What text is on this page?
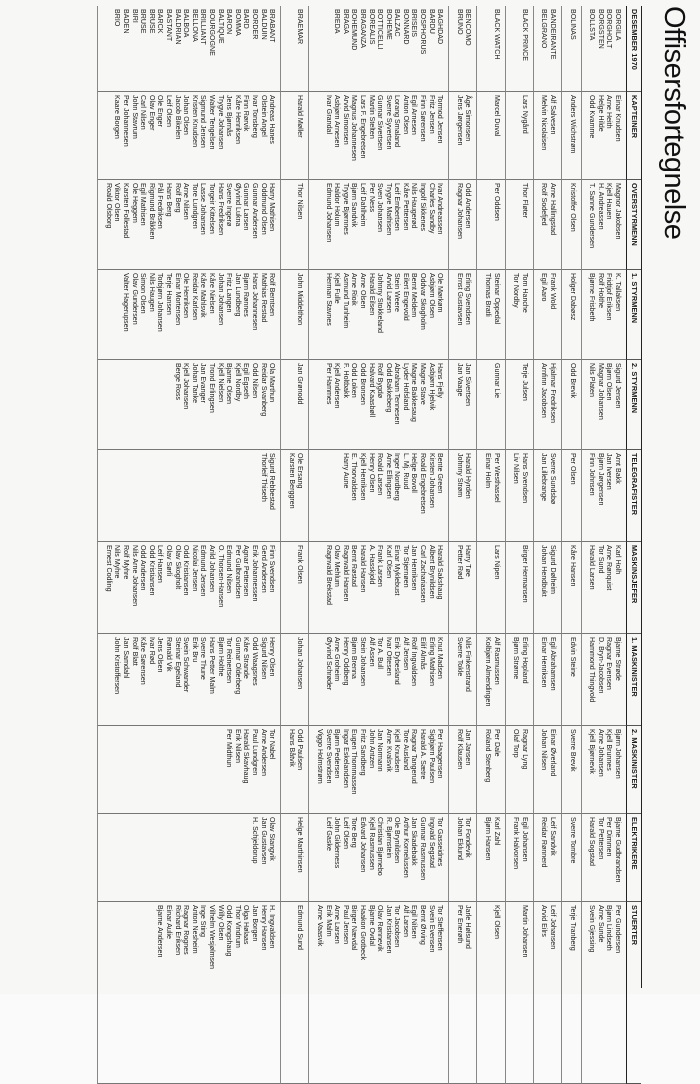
Offisersfortegnelse
DESEMBER 1970
KAPTEINER
OVERSTYRMENN
1. STYRMENN
2. STYRMENN
TELEGRAFISTER
MASKINSJEFER
1. MASKINISTER
2. MASKINISTER
ELEKTRIKERE
STUERTER
BORGILA
BORGHOLT
BORGSTEN
BOLLSTA
Einar Knudsen
Arne Heith
Helge Hilde
Odd Kvamme
Magnor Jakobsen
Kjell Hauen
H. Andreassen
T. Sanne Gundersen
K. Tallaksen
Fridtjof Eriksen
Rolf Holthe
Bjørne Frisbeth
Sigurd Jensen
Bjørn Olsen
Magnar Johansen
Nils Platen
Arnt Bakk
Jan Iversen
Bjørn Jørgensen
Finn Johnsen
Karl Holh
Arne Rønquist
Tor Sund
Harald Larsen
Bjarne Strøde
Ragnar Evensen
D. Bryn-Jacobsen
Hammond Thingvold
Bjørn Johansen
Kjell Brunnes
Arne Johansen
Kjell Bjørnevik
Bjarne Gudbrandsen
Per Dimmen
Tor Pettersen
Harald Sogstad
Per Gundersen
Bjørn Lindseth
Arne Sunde
Svein Gjessing
BOLINAS
Anders Wichstrøm
Kristoffer Olsen
Holger Dabøsz
Odd Brevik
Per Olsen
Kåre Hansen
Edvin Steine
Sverre Brevik
Sverre Tombre
Terje Tranberg
BANDEIRANTE
BELGRANO
Alf Salvesen
Melvin Nicolaisen
Arne Hallingstad
Rolf Sodefjed
Frank Wold
Egil Aaro
Hjalmar Fredriksen
Arnfinn Jacobsen
Sverre Sundsbø
Jan Lillebrange
Sigurd Dølheim
Johan Hendbukt
Egil Abrahamsen
Einar Henriksen
Einar Øverland
Johan Nilsen
Leif Sandvik
Reidar Rønnerd
Leif Johansen
Arvid Eilrs
BLACK PRINCE
Lars Nygård
Thor Fløter
Tom Hanche
Tor Nordby
Terje Julsen
Hans Svendsen
Liv Nilsen
Birger Hermansen
Erling Hopland
Bjørn Strøme
Ragnar Lyng
Olaf Torp
Egil Johansen
Frank Halvorsen
Martin Johansen
BLACK WATCH
Marcel Duval
Per Oddsen
Steinar Oppedal
Thomas Bratli
Gunnar Lie
Per Westhassel
Einar Holm
Lars Nipen
Alf Rasmussen
Kolbjørn Almendingen
Per Dale
Roland Stenberg
Karl Zahl
Bjørn Hansen
Kjell Olsen
BENCOMO
BRUNO
Åge Simonsen
Jens Jørgensen
Odd Andersen
Ragnar Johansen
Erling Svendsen
Ernst Gustavsen
Jan Sivertsen
Jan Vaage
Harald Hyrden
Johnny Strøm
Harry Tøe
Petter Rød
Nils Finkenstrand
Sverre Tokle
Jan Jansen
Rolf Klausen
Tor Fondevik
Johan Eklund
Jarle Hølsund
Per Enerøth
BAGHDAD
BARDU
BOSPHORUS
BRISEIS
BONNARD
BALZAC
BOHEME
BOTTICELLI
BOREALIS
BRAGANZA
BOHEMUND
BRAGA
BREDA
Tormod Jensen
Fritz Jensen
Finn Sørensen
Egil Arnesen
Anton Olsen
Lorang Smaland
Sverre Syvertsen
Gunnar Sivertsen
Martin Stelten
Lars F. Engebretsen
Magnus Johannesen
Arvid Simonsen
Asbjørn Arnesen
Ivar Grandal
Ivar Andreassen
Charles Sandby
Ingolf Sikkenes
Nils Haugerød
Kåre Pettersen
Leif Embertsen
Trygve Mathisen
Sven Johansen
Per Ness
Leif Dahlheim
Bjørn Sandvik
Trygve Bjørnnes
Haldor Holum
Edmund Johansen
Ole Mørkøm
Asbjørn Olsen
Oddvar Skogholm
Bernt Meldem
Eilert Engevold
Stein Weere
Arvid Larsen
Johnny Stokkeland
Harald Eilsen
Arne Olsen
Arne Rioik
Asmund Tunheim
Kjell Fulle
Herman Stavnes
Hans Fjelly
Asbjørn Hjelvik
Magne Stave
Magne Bakkesaug
Lyder Hofsland
Abraham Tennesen
Odd Bakkeberg
Rolf Bygdø
Halvard Kaasbøll
Odd Bronsen
Odd Loken
F. Holtbakk
Kjell Andersen
Per Hammes
Bente Green
Kirsten Johansen
Roald Engebretsen
Helge Bovoll
L. Mj. Ruud
Inger Nordberg
Arne Ellingsen
Roald Larsen
Henry Olsen
Kjell Henriksen
E. Thorvaldsen
Harry Aune
Harald Sakshaug
Albert Brynildsen
Carl Zachariassen
Jan Henriksen
Tor Stjernøen
Einar Myklebust
Karl Olsen
Frank Larsen
A. Hasskjold
Harald Hansen
Bernt Røstad
Ragnvald Hansen
Olav Mehlum
Ragnvald Brekstad
Knut Madsen
Erling Mathisen
Eilif Almås
Rolf Ingvaldsen
Alf Jensen
Erik Dybesland
Ivar Ottesen
Tor A. Bull
Alf Assen
Stein Johansen
Bjørn Brenna
Henry Oddberg
Arne Groheim
Øyvind Schrøder
Per Haagensen
Sigbjørn Paulsen
Harald A. Sætre
Ragnar Tangerud
Tore Ausland
Kjell Knudsen
Arne Kvalsvik
Jan Normann
John Antzen
Fritz Sandberg
Eugen Thommassen
Ingar Eskelandsen
Bjørn Pedersen
Sverre Svendsen
Viggo Holmstrøm
Tor Gasseidnes
Ingvald Segstad
Gunnar Rasmussen
Jan Skadebakk
Arthur Kornelussen
Ole Brynildsen
R. Bjørnstein
Christian Bjørnebo
Kjell Rasmussen
Edvard Johansen
Tore Berg
Leif Olsen
John Gilderness
Leif Gaske
Tor Steffensen
Svein Evensen
Bernt Ørving
Egil Nilsen
Alf Larsen
Tor Jacobsen
Jan Kristiansen
Olav Rønnevik
Bjarne Ovdal
Haakon Grotbeck
Birger Nævdal
Paul Jensen
Arne Larsen
Erik Malm
Arne Vaasvik
BRAEMAR
Harald Møller
Thor Nilsen
John Middelthon
Jan Grønodd
Ole Ersang
Karsten Berggren
Frank Olsen
Johan Johansen
Odd Paulsen
Hans Båtvik
Helge Marthinsen
Edmund Sund
BRABANT
BALDUIN
BORDER
BARD
BOMMA
BARON
BALTIQUE
BOURGOGNE
BRILLIANT
BELLONA
BALBOA
BALDRIAN
BASTANT
BARCK
BRUSE
BRUSE
BIRI
BADEN
BRIO
Andreas Hanes
Olstein Angel
Ivar Tonsberg
Finn Rørvik
Kåre Henriksen
Jens Bjørnås
Trygve Johansen
Walter Tengelsen
Sigmund Jensen
Kristen Knudsen
Johan Olsen
Jacob Bikelen
Leif Olsen
Ole Enger
Olav Enger
Carl Nilsen
John Stavrum
Per Johannesen
Kaare Borgen
Harry Mathisen
Oddmund Olsen
Gunnar Andersen
Gunnar Larsen
Øyvind Lukna
Sverre Ingerø
Hans Fredriksen
Torgeir Kittelsen
Lasse Johansen
Tore Lundgren
Arne Nilsen
Rolf Berg
Hans Berg
Pål Fredriksen
Rigmund Bråkken
Egil Mathisen
Ole Heggem
Karsten Follestad
Viktor Olsen
Roald Olsborg
Rolf Berntsen
Mathias Restad
Hans Johannesen
Bjørn Rønnes
Jan Lundberg
Fritz Langen
Johan Johansen
Kåre Nielsen
Kåre Mahlsvik
Reidar Karlsen
Ole Henriksen
Einar Mortensen
Terje Hansen
Torbjørn Johansen
Nils Haugen
Simon Olsen
Olav Gundersen
Valter Hagerupsen
Ola Marthun
Reidar Svanberg
Odd Nilsen
Egil Egseth
Kjell Nordby
Bjarne Olsen
Kjell Nielsen
Trond Erlingsen
Jan Evanger
Johan Tanke
Kjell Johansen
Berge Ross
Sigurd Rebbestad
Thorleif Thiseth
Finn Svendsen
Gerd Andersen
Erik Johannessen
Agnar Pettersen
Per Gulbrandsen
Edmund Nilsen
O. Thorsen-Hansen
Arild Johansen
Edmund Jensen
Nicolai Jensen
Odd Kristiansen
Olav Skogholt
Olav Sørli
Leif Hansen
Odd Kristiansen
Odd Andersen
Nils Arne Johansen
Rolf Myhre
Nils Myhre
Ernest Codling
Henry Olsen
Sigurd Nilsen
Odd Waagsnes
Kåre Strande
Gunnar Olderberg
Tor Reinertsen
Bjørn Holthe
Hans Petter Malm
Sverre Thune
Erik Bru
Svein Schwander
Steinar Egeland
Rønald Vik
Jens Olsen
Ivar Rød
Kåre Sørensen
Rolf Blatt
Jan Samdahl
John Kristoffersen
Tor Nabel
Arne Andersen
Paul Lundgren
Harald Skavhaug
Erik Nilsen
Per Midthun
Olav Stangvik
Jan Gustavsen
H. Schjeldorup
H. Ingvaldsen
Henry Hansen
Jan Borgen
Olga Hølaas
Thor Vindrum
Odd Kongshaug
Willy Olsen
Vilhelm Wesjølmsen
Inge Sting
Anton Nesheim
Ragnar Rognes
Richard Eriksen
Einar Aulie
Bjarne Andersen
